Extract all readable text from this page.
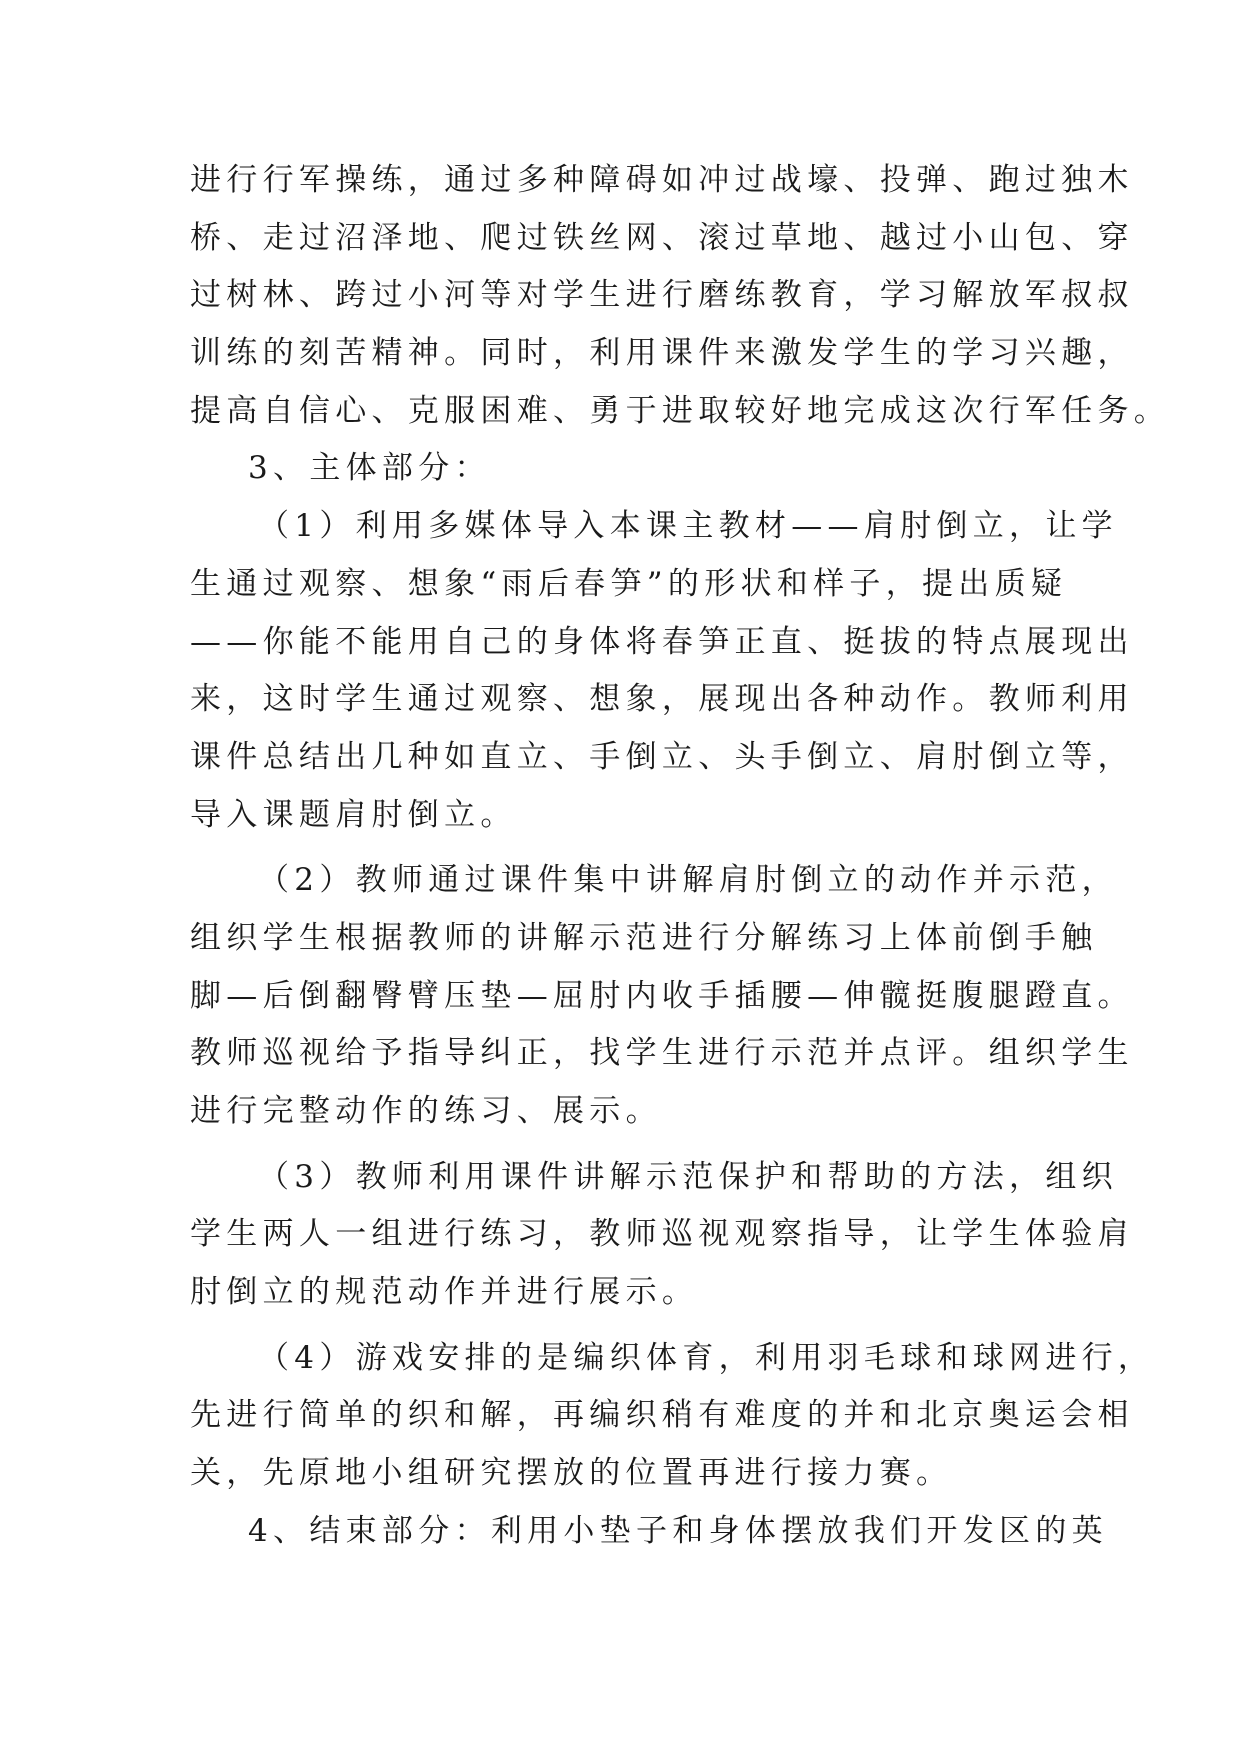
进行行军操练，通过多种障碍如冲过战壕、投弹、跑过独木

桥、走过沼泽地、爬过铁丝网、滚过草地、越过小山包、穿

过树林、跨过小河等对学生进行磨练教育，学习解放军叔叔

训练的刻苦精神。同时，利用课件来激发学生的学习兴趣，

提高自信心、克服困难、勇于进取较好地完成这次行军任务。

3、主体部分：

（1）利用多媒体导入本课主教材——肩肘倒立，让学

生通过观察、想象“雨后春笋”的形状和样子，提出质疑

——你能不能用自己的身体将春笋正直、挺拔的特点展现出

来，这时学生通过观察、想象，展现出各种动作。教师利用

课件总结出几种如直立、手倒立、头手倒立、肩肘倒立等，

导入课题肩肘倒立。

（2）教师通过课件集中讲解肩肘倒立的动作并示范，

组织学生根据教师的讲解示范进行分解练习上体前倒手触

脚—后倒翻臀臂压垫—屈肘内收手插腰—伸髋挺腹腿蹬直。

教师巡视给予指导纠正，找学生进行示范并点评。组织学生

进行完整动作的练习、展示。

（3）教师利用课件讲解示范保护和帮助的方法，组织

学生两人一组进行练习，教师巡视观察指导，让学生体验肩

肘倒立的规范动作并进行展示。

（4）游戏安排的是编织体育，利用羽毛球和球网进行，

先进行简单的织和解，再编织稍有难度的并和北京奥运会相

关，先原地小组研究摆放的位置再进行接力赛。

4、结束部分：利用小垫子和身体摆放我们开发区的英
